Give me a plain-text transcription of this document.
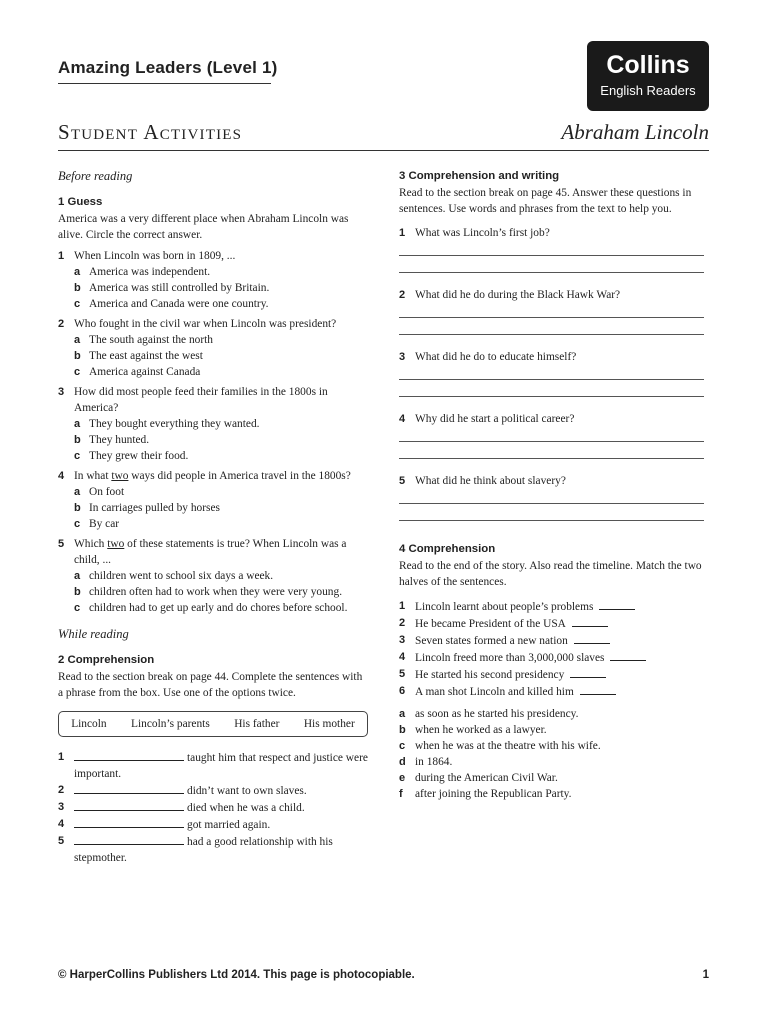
Amazing Leaders (Level 1)	Collins
English Readers
Student Activities	Abraham Lincoln
Before reading
1 Guess
America was a very different place when Abraham Lincoln was alive. Circle the correct answer.
1 When Lincoln was born in 1809, ...
a America was independent.
b America was still controlled by Britain.
c America and Canada were one country.
2 Who fought in the civil war when Lincoln was president?
a The south against the north
b The east against the west
c America against Canada
3 How did most people feed their families in the 1800s in America?
a They bought everything they wanted.
b They hunted.
c They grew their food.
4 In what two ways did people in America travel in the 1800s?
a On foot
b In carriages pulled by horses
c By car
5 Which two of these statements is true? When Lincoln was a child, ...
a children went to school six days a week.
b children often had to work when they were very young.
c children had to get up early and do chores before school.
While reading
2 Comprehension
Read to the section break on page 44. Complete the sentences with a phrase from the box. Use one of the options twice.
Lincoln Lincoln’s parents His father His mother
1	taught him that respect and justice were important.
2	didn’t want to own slaves.
3	died when he was a child.
4	got married again.
5	had a good relationship with his stepmother.
3 Comprehension and writing
Read to the section break on page 45. Answer these questions in sentences. Use words and phrases from the text to help you.
1 What was Lincoln’s first job?
2 What did he do during the Black Hawk War?
3 What did he do to educate himself?
4 Why did he start a political career?
5 What did he think about slavery?
4 Comprehension
Read to the end of the story. Also read the timeline. Match the two halves of the sentences.
1 Lincoln learnt about people’s problems
2 He became President of the USA
3 Seven states formed a new nation
4 Lincoln freed more than 3,000,000 slaves
5 He started his second presidency
6 A man shot Lincoln and killed him
a as soon as he started his presidency.
b when he worked as a lawyer.
c when he was at the theatre with his wife.
d in 1864.
e during the American Civil War.
f	after joining the Republican Party.
© HarperCollins Publishers Ltd 2014. This page is photocopiable.	1
